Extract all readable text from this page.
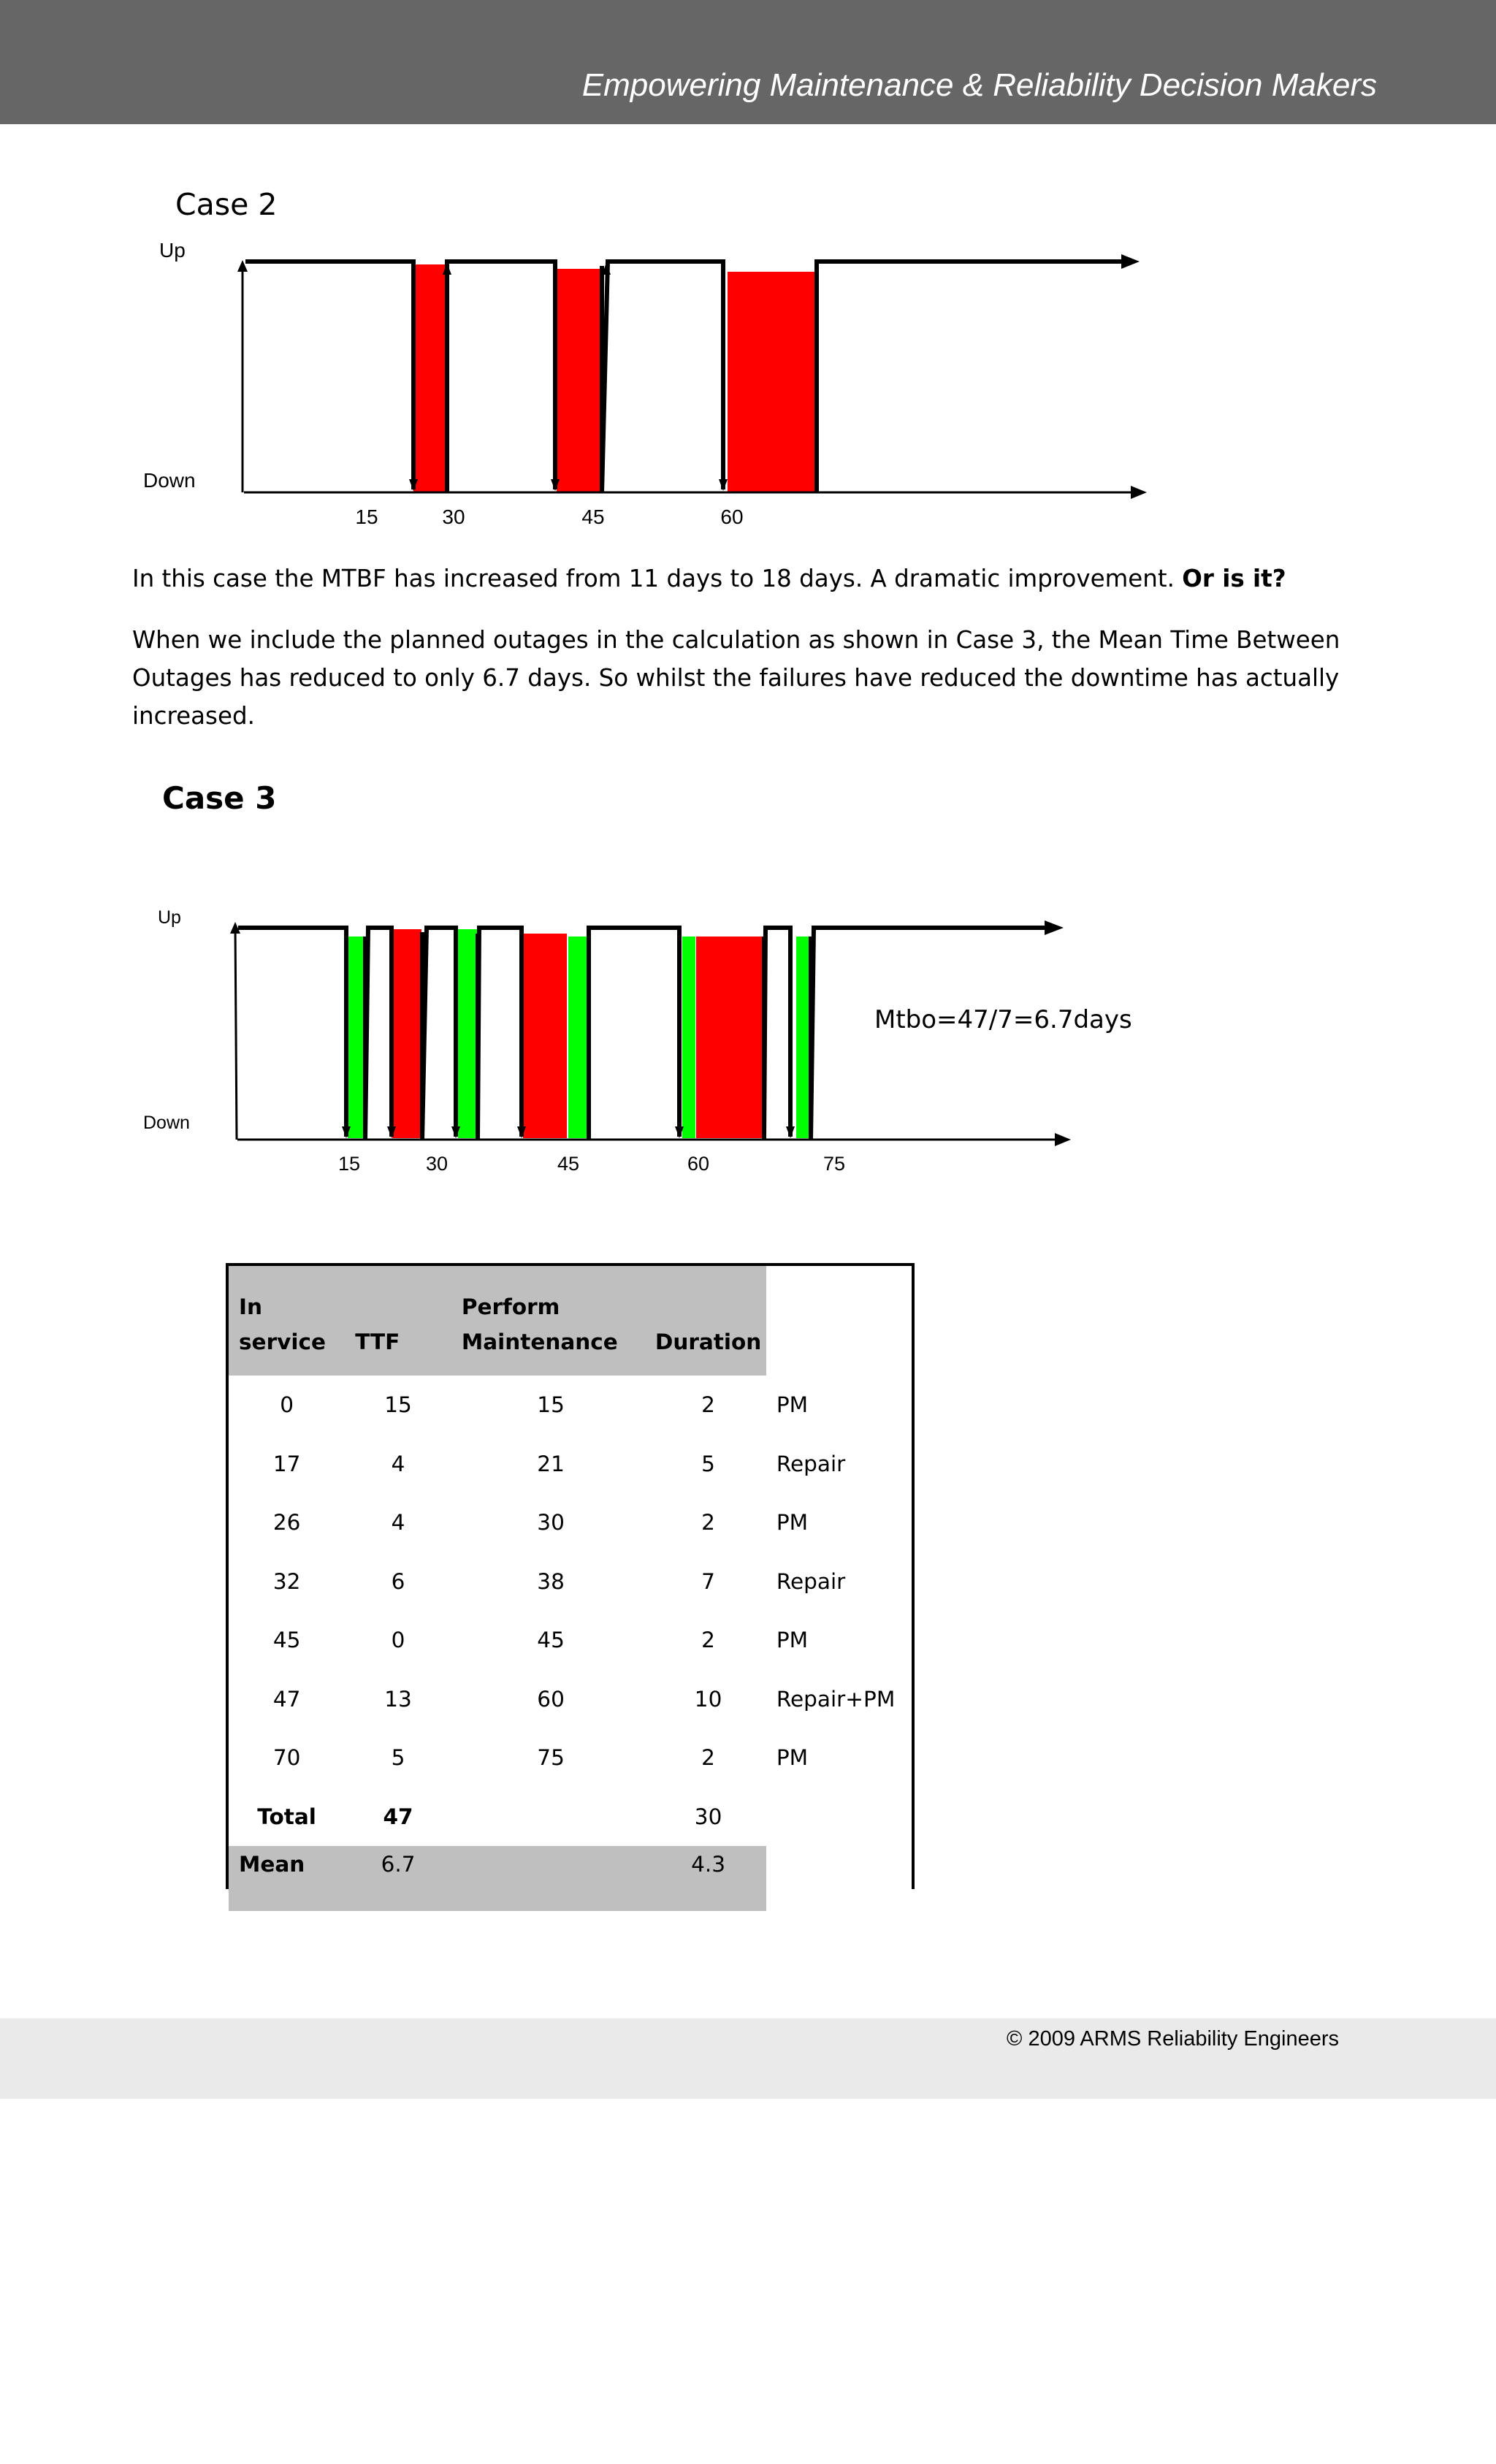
Empowering Maintenance & Reliability Decision Makers
Case 2
Up
Down
15	30	45	60
In this case the MTBF has increased from 11 days to 18 days. A dramatic improvement. Or is it?
When we include the planned outages in the calculation as shown in Case 3, the Mean Time Between Outages has reduced to only 6.7 days. So whilst the failures have reduced the downtime has actually increased.
Case 3
Up
Down
15	30	45	60	75
Mtbo=47/7=6.7days
In
service	TTF	Perform
Maintenance	Duration	
0	15	15	2	PM
17	4	21	5	Repair
26	4	30	2	PM
32	6	38	7	Repair
45	0	45	2	PM
47	13	60	10	Repair+PM
70	5	75	2	PM
Total	47		30	
Mean	6.7		4.3	
© 2009 ARMS Reliability Engineers
